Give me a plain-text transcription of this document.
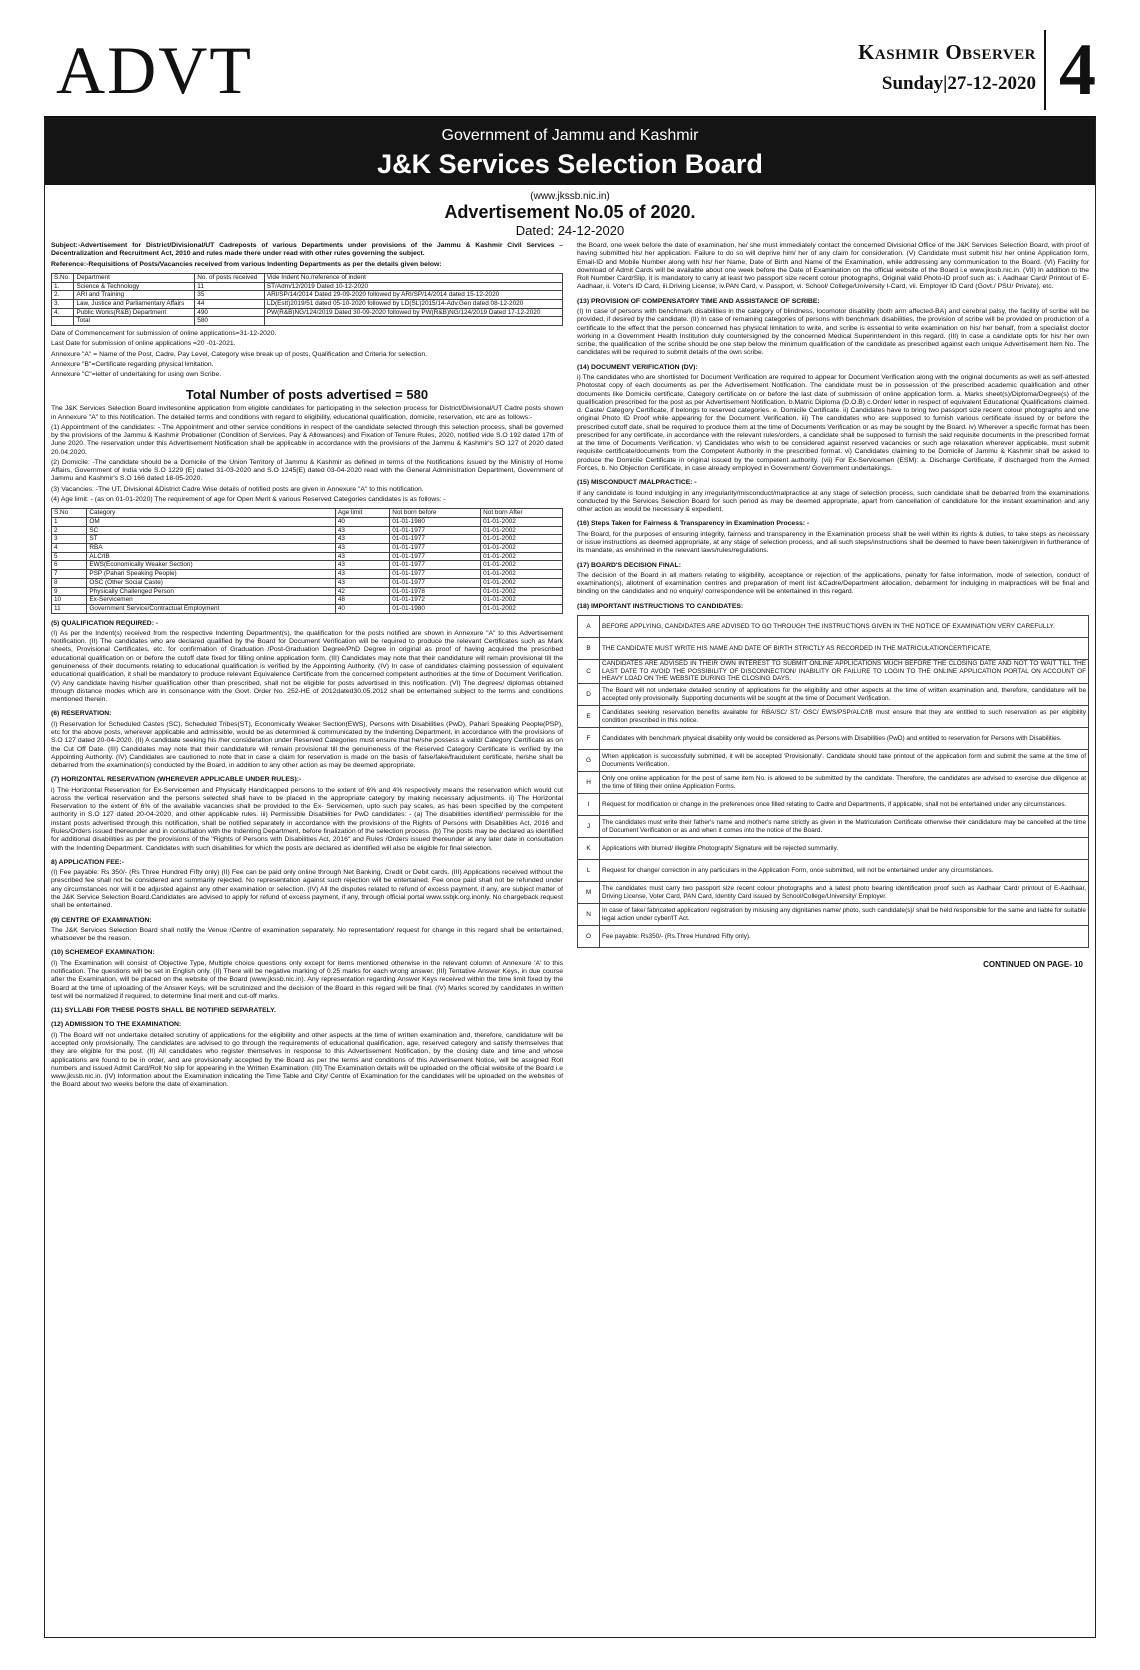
ADVT	Kashmir Observer
Sunday|27-12-2020 4
Government of Jammu and Kashmir
J&K Services Selection Board
(www.jkssb.nic.in)
Advertisement No.05 of 2020.
Dated: 24-12-2020

Subject:-Advertisement for District/Divisional/UT Cadreposts of various Departments under provisions of the Jammu & Kashmir Civil Services – Decentralization and Recruitment Act, 2010 and rules made there under read with other rules governing the subject.

Reference:-Requisitions of Posts/Vacancies received from various Indenting Departments as per the details given below:

S.No.	Department	No. of posts received	Vide Indent No./reference of indent
1.	Science & Technology	11	ST/Adm/12/2019 Dated 10-12-2020
2.	ARI and Training	35	ARI/SP/14/2014 Dated 29-09-2020 followed by ARI/SP/14/2014 dated 15-12-2020
3.	Law, Justice and Parliamentary Affairs	44	LD(Estt)2019/51 dated 05-10-2020 followed by LD(SL)2015/14-Adv.Gen dated 08-12-2020
4.	Public Works(R&B) Department	490	PW(R&B)NG/124/2019 Dated 30-09-2020 followed by PW(R&B)NG/124/2019 Dated 17-12-2020
	Total	580	

Date of Commencement for submission of online applications=31-12-2020.

Last Date for submission of online applications =20 -01-2021.

Annexure "A" = Name of the Post, Cadre, Pay Level, Category wise break up of posts, Qualification and Criteria for selection.

Annexure "B"=Certificate regarding physical limitation.

Annexure "C"=letter of undertaking for using own Scribe.

Total Number of posts advertised = 580

The J&K Services Selection Board invitesonline application from eligible candidates for participating in the selection process for District/Divisional/UT Cadre posts shown in Annexure "A" to this Notification. The detailed terms and conditions with regard to eligibility, educational qualification, domicile, reservation, etc are as follows:-

(1) Appointment of the candidates: - The Appointment and other service conditions in respect of the candidate selected through this selection process, shall be governed by the provisions of the Jammu & Kashmir Probationer (Condition of Services, Pay & Allowances) and Fixation of Tenure Rules, 2020, notified vide S.O 192 dated 17th of June 2020. The reservation under this Advertisement Notification shall be applicable in accordance with the provisions of the Jammu & Kashmir's SO 127 of 2020 dated 20.04.2020.

(2) Domicile: -The candidate should be a Domicile of the Union Territory of Jammu & Kashmir as defined in terms of the Notifications issued by the Ministry of Home Affairs, Government of India vide S.O 1229 (E) dated 31-03-2020 and S.O 1245(E) dated 03-04-2020 read with the General Administration Department, Government of Jammu and Kashmir's S.O 166 dated 18-05-2020.

(3) Vacancies: -The UT, Divisional &District Cadre Wise details of notified posts are given in Annexure "A" to this notification.

(4) Age limit: - (as on 01-01-2020) The requirement of age for Open Merit & various Reserved Categories candidates is as follows: -

S.No	Category	Age limit	Not born before	Not born After
1	OM	40	01-01-1980	01-01-2002
2	SC	43	01-01-1977	01-01-2002
3	ST	43	01-01-1977	01-01-2002
4	RBA	43	01-01-1977	01-01-2002
5	ALC/IB	43	01-01-1977	01-01-2002
6	EWS(Economically Weaker Section)	43	01-01-1977	01-01-2002
7	PSP (Pahari Speaking People)	43	01-01-1977	01-01-2002
8	OSC (Other Social Caste)	43	01-01-1977	01-01-2002
9	Physically Challenged Person	42	01-01-1978	01-01-2002
10	Ex-Servicemen	48	01-01-1972	01-01-2002
11	Government Service/Contractual Employment	40	01-01-1980	01-01-2002
(5) QUALIFICATION REQUIRED: -

(I) As per the Indent(s) received from the respective Indenting Department(s), the qualification for the posts notified are shown in Annexure "A" to this Advertisement Notification. (II) The candidates who are declared qualified by the Board for Document Verification will be required to produce the relevant Certificates such as Mark sheets, Provisional Certificates, etc. for confirmation of Graduation /Post-Graduation Degree/PhD Degree in original as proof of having acquired the prescribed educational qualification on or before the cutoff date fixed for filling online application form. (III) Candidates may note that their candidature will remain provisional till the genuineness of their documents relating to educational qualification is verified by the Appointing Authority. (IV) In case of candidates claiming possession of equivalent educational qualification, it shall be mandatory to produce relevant Equivalence Certificate from the concerned competent authorities at the time of Document Verification. (V) Any candidate having his/her qualification other than prescribed, shall not be eligible for posts advertised in this notification. (VI) The degrees/ diplomas obtained through distance modes which are in consonance with the Govt. Order No. 252-HE of 2012dated30.05.2012 shall be entertained subject to the terms and conditions mentioned therein.

(6) RESERVATION:

(I) Reservation for Scheduled Castes (SC), Scheduled Tribes(ST), Economically Weaker Section(EWS), Persons with Disabilities (PwD), Pahari Speaking People(PSP), etc for the above posts, wherever applicable and admissible, would be as determined & communicated by the Indenting Department, in accordance with the provisions of S.O 127 dated 20-04-2020. (II) A candidate seeking his /her consideration under Reserved Categories must ensure that he/she possess a valid/ Category Certificate as on the Cut Off Date. (III) Candidates may note that their candidature will remain provisional till the genuineness of the Reserved Category Certificate is verified by the Appointing Authority. (IV) Candidates are cautioned to note that in case a claim for reservation is made on the basis of false/fake/fraudulent certificate, he/she shall be debarred from the examination(s) conducted by the Board, in addition to any other action as may be deemed appropriate.

(7) HORIZONTAL RESERVATION (WHEREVER APPLICABLE UNDER RULES):-

i) The Horizontal Reservation for Ex-Servicemen and Physically Handicapped persons to the extent of 6% and 4% respectively means the reservation which would cut across the vertical reservation and the persons selected shall have to be placed in the appropriate category by making necessary adjustments. ii) The Horizontal Reservation to the extent of 6% of the available vacancies shall be provided to the Ex- Servicemen, upto such pay scales, as has been specified by the competent authority in S.O 127 dated 20-04-2020, and other applicable rules. iii) Permissible Disabilities for PwD candidates: - (a) The disabilities identified/ permissible for the instant posts advertised through this notification, shall be notified separately in accordance with the provisions of the Rights of Persons with Disabilities Act, 2016 and Rules/Orders issued thereunder and in consultation with the Indenting Department, before finalization of the selection process. (b) The posts may be declared as identified for additional disabilities as per the provisions of the "Rights of Persons with Disabilities Act, 2016" and Rules /Orders issued thereunder at any later date in consultation with the Indenting Department. Candidates with such disabilities for which the posts are declared as identified will also be eligible for final selection.

8) APPLICATION FEE:-

(I) Fee payable: Rs 350/- (Rs Three Hundred Fifty only) (II) Fee can be paid only online through Net Banking, Credit or Debit cards. (III) Applications received without the prescribed fee shall not be considered and summarily rejected. No representation against such rejection will be entertained. Fee once paid shall not be refunded under any circumstances nor will it be adjusted against any other examination or selection. (IV) All the disputes related to refund of excess payment, if any, are subject matter of the J&K Service Selection Board.Candidates are advised to apply for refund of excess payment, if any, through official portal www.ssbjk.org.inonly. No chargeback request shall be entertained.

(9) CENTRE OF EXAMINATION:

The J&K Services Selection Board shall notify the Venue /Centre of examination separately. No representation/ request for change in this regard shall be entertained, whatsoever be the reason.

(10) SCHEMEOF EXAMINATION:

(I) The Examination will consist of Objective Type, Multiple choice questions only except for items mentioned otherwise in the relevant column of Annexure 'A' to this notification. The questions will be set in English only. (II) There will be negative marking of 0.25 marks for each wrong answer. (III) Tentative Answer Keys, in due course after the Examination, will be placed on the website of the Board (www.jkssb.nic.in). Any representation regarding Answer Keys received within the time limit fixed by the Board at the time of uploading of the Answer Keys, will be scrutinized and the decision of the Board in this regard will be final. (IV) Marks scored by candidates in written test will be normalized if required, to determine final merit and cut-off marks.

(11) SYLLABI FOR THESE POSTS SHALL BE NOTIFIED SEPARATELY.
(12) ADMISSION TO THE EXAMINATION:

(I) The Board will not undertake detailed scrutiny of applications for the eligibility and other aspects at the time of written examination and, therefore, candidature will be accepted only provisionally. The candidates are advised to go through the requirements of educational qualification, age, reserved category and satisfy themselves that they are eligible for the post. (II) All candidates who register themselves in response to this Advertisement Notification, by the closing date and time and whose applications are found to be in order, and are provisionally accepted by the Board as per the terms and conditions of this Advertisement Notice, will be assigned Roll numbers and issued Admit Card/Roll No slip for appearing in the Written Examination. (III) The Examination details will be uploaded on the official website of the Board i.e www.jkssb.nic.in. (IV) Information about the Examination indicating the Time Table and City/ Centre of Examination for the candidates will be uploaded on the websites of the Board about two weeks before the date of examination.

the Board, one week before the date of examination, he/ she must immediately contact the concerned Divisional Office of the J&K Services Selection Board, with proof of having submitted his/ her application. Failure to do so will deprive him/ her of any claim for consideration. (V) Candidate must submit his/ her online Application form, Email-ID and Mobile Number along with his/ her Name, Date of Birth and Name of the Examination, while addressing any communication to the Board. (VI) Facility for download of Admit Cards will be available about one week before the Date of Examination on the official website of the Board i.e www.jkssb.nic.in. (VII) In addition to the Roll Number Card/Slip, it is mandatory to carry at least two passport size recent colour photographs, Original valid Photo-ID proof such as: i. Aadhaar Card/ Printout of E-Aadhaar, ii. Voter's ID Card, iii.Driving License, iv.PAN Card, v. Passport, vi. School/ College/University I-Card, vii. Employer ID Card (Govt./ PSU/ Private), etc.

(13) PROVISION OF COMPENSATORY TIME AND ASSISTANCE OF SCRIBE:

(I) In case of persons with benchmark disabilities in the category of blindness, locomotor disability (both arm affected-BA) and cerebral palsy, the facility of scribe will be provided, if desired by the candidate. (II) In case of remaining categories of persons with benchmark disabilities, the provision of scribe will be provided on production of a certificate to the effect that the person concerned has physical limitation to write, and scribe is essential to write examination on his/ her behalf, from a specialist doctor working in a Government Health Institution duly countersigned by the concerned Medical Superintendent in this regard. (III) In case a candidate opts for his/ her own scribe, the qualification of the scribe should be one step below the minimum qualification of the candidate as prescribed against each unique Advertisement Item No. The candidates will be required to submit details of the own scribe.

(14) DOCUMENT VERIFICATION (DV):

i) The candidates who are shortlisted for Document Verification are required to appear for Document Verification along with the original documents as well as self-attested Photostat copy of each documents as per the Advertisement Notification. The candidate must be in possession of the prescribed academic qualification and other documents like Domicile certificate, Category certificate on or before the last date of submission of online application form. a. Marks sheet(s)/Diploma/Degree(s) of the qualification prescribed for the post as per Advertisement Notification. b.Matric Diploma (D.O.B) c.Order/ letter in respect of equivalent Educational Qualifications claimed. d. Caste/ Category Certificate, if belongs to reserved categories. e. Domicile Certificate. ii) Candidates have to bring two passport size recent colour photographs and one original Photo ID Proof while appearing for the Document Verification. iii) The candidates who are supposed to furnish various certificate issued by or before the prescribed cutoff date, shall be required to produce them at the time of Documents Verification or as may be sought by the Board. iv) Wherever a specific format has been prescribed for any certificate, in accordance with the relevant rules/orders, a candidate shall be supposed to furnish the said requisite documents in the prescribed format at the time of Documents Verification. v) Candidates who wish to be considered against reserved vacancies or such age relaxation wherever applicable, must submit requisite certificate/documents from the Competent Authority in the prescribed format. vi) Candidates claiming to be Domicile of Jammu & Kashmir shall be asked to produce the Domicile Certificate in original issued by the competent authority. (vii) For Ex-Servicemen (ESM): a. Discharge Certificate, if discharged from the Armed Forces, b. No Objection Certificate, in case already employed in Government/ Government undertakings.

(15) MISCONDUCT /MALPRACTICE: -

If any candidate is found indulging in any irregularity/misconduct/malpractice at any stage of selection process, such candidate shall be debarred from the examinations conducted by the Services Selection Board for such period as may be deemed appropriate, apart from cancellation of candidature for the instant examination and any other action as would be necessary & expedient.

(16) Steps Taken for Fairness & Transparency in Examination Process: -

The Board, for the purposes of ensuring integrity, fairness and transparency in the Examination process shall be well within its rights & duties, to take steps as necessary or issue instructions as deemed appropriate, at any stage of selection process, and all such steps/instructions shall be deemed to have been taken/given in furtherance of its mandate, as enshrined in the relevant laws/rules/regulations.

(17) BOARD'S DECISION FINAL:

The decision of the Board in all matters relating to eligibility, acceptance or rejection of the applications, penalty for false information, mode of selection, conduct of examination(s), allotment of examination centres and preparation of merit list &Cadre/Department allocation, debarment for indulging in malpractices will be final and binding on the candidates and no enquiry/ correspondence will be entertained in this regard.

(18) IMPORTANT INSTRUCTIONS TO CANDIDATES:
A	BEFORE APPLYING, CANDIDATES ARE ADVISED TO GO THROUGH THE INSTRUCTIONS GIVEN IN THE NOTICE OF EXAMINATION VERY CAREFULLY.
B	THE CANDIDATE MUST WRITE HIS NAME AND DATE OF BIRTH STRICTLY AS RECORDED IN THE MATRICULATIONCERTIFICATE.
C	CANDIDATES ARE ADVISED IN THEIR OWN INTEREST TO SUBMIT ONLINE APPLICATIONS MUCH BEFORE THE CLOSING DATE AND NOT TO WAIT TILL THE LAST DATE TO AVOID THE POSSIBILITY OF DISCONNECTION/ INABILITY OR FAILURE TO LOGIN TO THE ONLINE APPLICATION PORTAL ON ACCOUNT OF HEAVY LOAD ON THE WEBSITE DURING THE CLOSING DAYS.
D	The Board will not undertake detailed scrutiny of applications for the eligibility and other aspects at the time of written examination and, therefore, candidature will be accepted only provisionally. Supporting documents will be sought at the time of Document Verification.
E	Candidates seeking reservation benefits available for RBA/SC/ ST/ OSC/ EWS/PSP/ALC/IB must ensure that they are entitled to such reservation as per eligibility condition prescribed in this notice.
F	Candidates with benchmark physical disability only would be considered as Persons with Disabilities (PwD) and entitled to reservation for Persons with Disabilities.
G	When application is successfully submitted, it will be accepted 'Provisionally'. Candidate should take printout of the application form and submit the same at the time of Documents Verification.
H	Only one online application for the post of same item No. is allowed to be submitted by the candidate. Therefore, the candidates are advised to exercise due diligence at the time of filling their online Application Forms.
I	Request for modification or change in the preferences once filled relating to Cadre and Departments, if applicable, shall not be entertained under any circumstances.
J	The candidates must write their father's name and mother's name strictly as given in the Matriculation Certificate otherwise their candidature may be cancelled at the time of Document Verification or as and when it comes into the notice of the Board.
K	Applications with blurred/ illegible Photograph/ Signature will be rejected summarily.
L	Request for change/ correction in any particulars in the Application Form, once submitted, will not be entertained under any circumstances.
M	The candidates must carry two passport size recent colour photographs and a latest photo bearing identification proof such as Aadhaar Card/ printout of E-Aadhaar, Driving License, Voter Card, PAN Card, Identity Card issued by School/College/University/ Employer.
N	In case of fake/ fabricated application/ registration by misusing any dignitaries name/ photo, such candidate(s)/ shall be held responsible for the same and liable for suitable legal action under cyber/IT Act.
O	Fee payable: Rs350/- (Rs.Three Hundred Fifty only).
CONTINUED ON PAGE- 10
